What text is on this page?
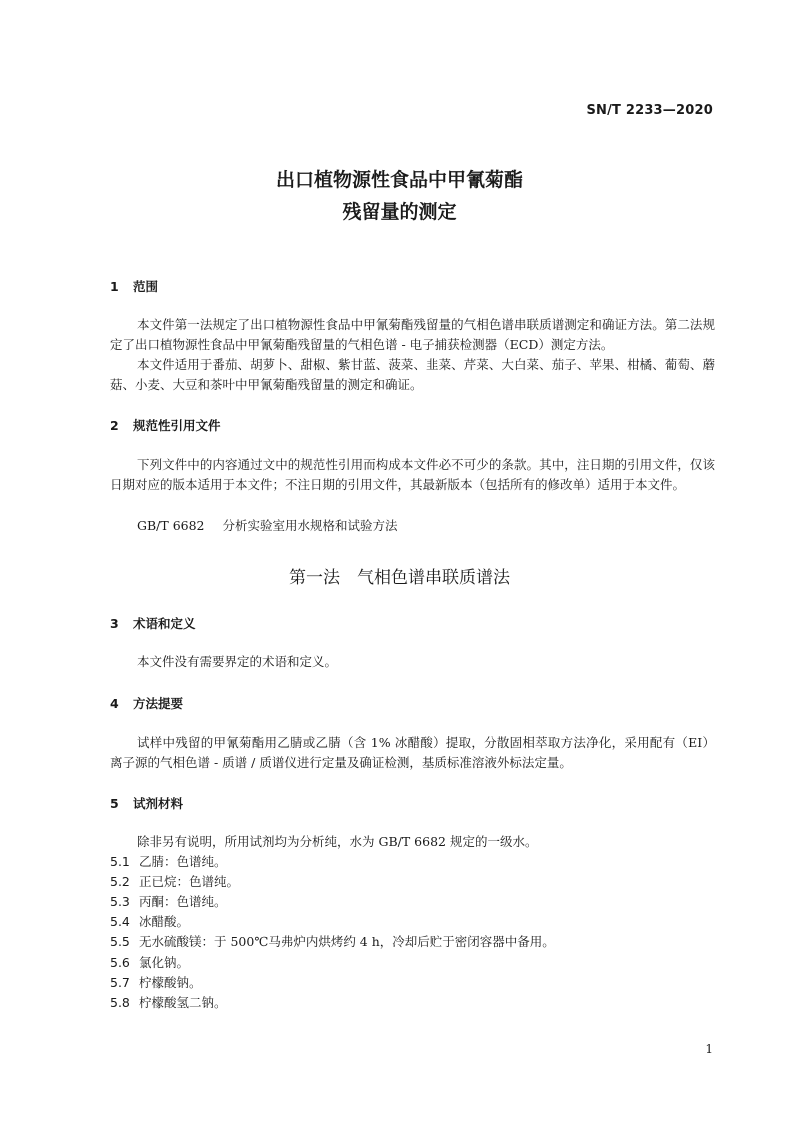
SN/T 2233—2020
出口植物源性食品中甲氰菊酯
残留量的测定
1 范围
本文件第一法规定了出口植物源性食品中甲氰菊酯残留量的气相色谱串联质谱测定和确证方法。第二法规定了出口植物源性食品中甲氰菊酯残留量的气相色谱 - 电子捕获检测器（ECD）测定方法。
本文件适用于番茄、胡萝卜、甜椒、紫甘蓝、菠菜、韭菜、芹菜、大白菜、茄子、苹果、柑橘、葡萄、蘑菇、小麦、大豆和茶叶中甲氰菊酯残留量的测定和确证。
2 规范性引用文件
下列文件中的内容通过文中的规范性引用而构成本文件必不可少的条款。其中，注日期的引用文件，仅该日期对应的版本适用于本文件；不注日期的引用文件，其最新版本（包括所有的修改单）适用于本文件。
GB/T 6682 分析实验室用水规格和试验方法
第一法　气相色谱串联质谱法
3 术语和定义
本文件没有需要界定的术语和定义。
4 方法提要
试样中残留的甲氰菊酯用乙腈或乙腈（含 1% 冰醋酸）提取，分散固相萃取方法净化，采用配有（EI）离子源的气相色谱 - 质谱 / 质谱仪进行定量及确证检测，基质标准溶液外标法定量。
5 试剂材料
除非另有说明，所用试剂均为分析纯，水为 GB/T 6682 规定的一级水。
5.1 乙腈：色谱纯。
5.2 正已烷：色谱纯。
5.3 丙酮：色谱纯。
5.4 冰醋酸。
5.5 无水硫酸镁：于 500℃马弗炉内烘烤约 4 h，冷却后贮于密闭容器中备用。
5.6 氯化钠。
5.7 柠檬酸钠。
5.8 柠檬酸氢二钠。
1
